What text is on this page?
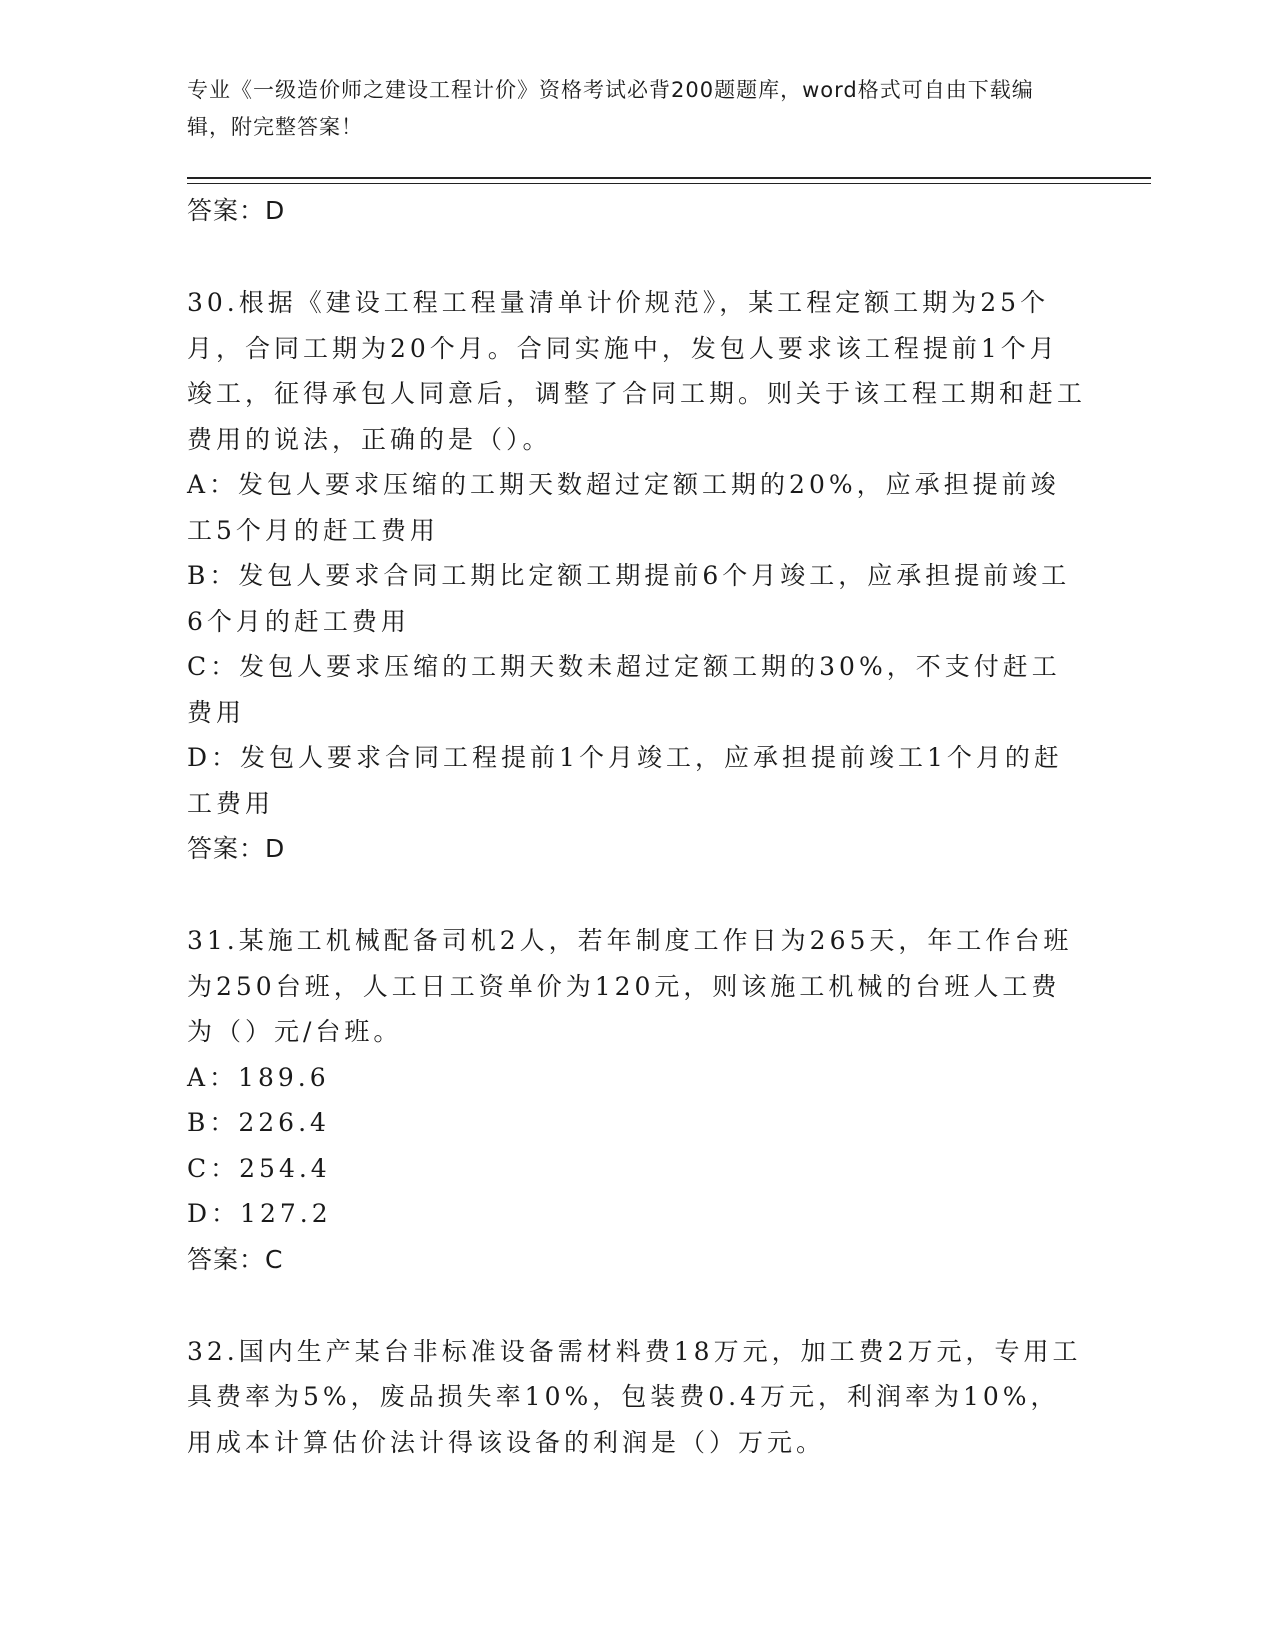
专业《一级造价师之建设工程计价》资格考试必背200题题库，word格式可自由下载编辑，附完整答案！

答案：D

30.根据《建设工程工程量清单计价规范》，某工程定额工期为25个月，合同工期为20个月。合同实施中，发包人要求该工程提前1个月竣工，征得承包人同意后，调整了合同工期。则关于该工程工期和赶工费用的说法，正确的是（）。

A：发包人要求压缩的工期天数超过定额工期的20%，应承担提前竣工5个月的赶工费用

B：发包人要求合同工期比定额工期提前6个月竣工，应承担提前竣工6个月的赶工费用

C：发包人要求压缩的工期天数未超过定额工期的30%，不支付赶工费用

D：发包人要求合同工程提前1个月竣工，应承担提前竣工1个月的赶工费用

答案：D

31.某施工机械配备司机2人，若年制度工作日为265天，年工作台班为250台班，人工日工资单价为120元，则该施工机械的台班人工费为（）元/台班。

A：189.6

B：226.4

C：254.4

D：127.2

答案：C

32.国内生产某台非标准设备需材料费18万元，加工费2万元，专用工具费率为5%，废品损失率10%，包装费0.4万元，利润率为10%，用成本计算估价法计得该设备的利润是（）万元。
